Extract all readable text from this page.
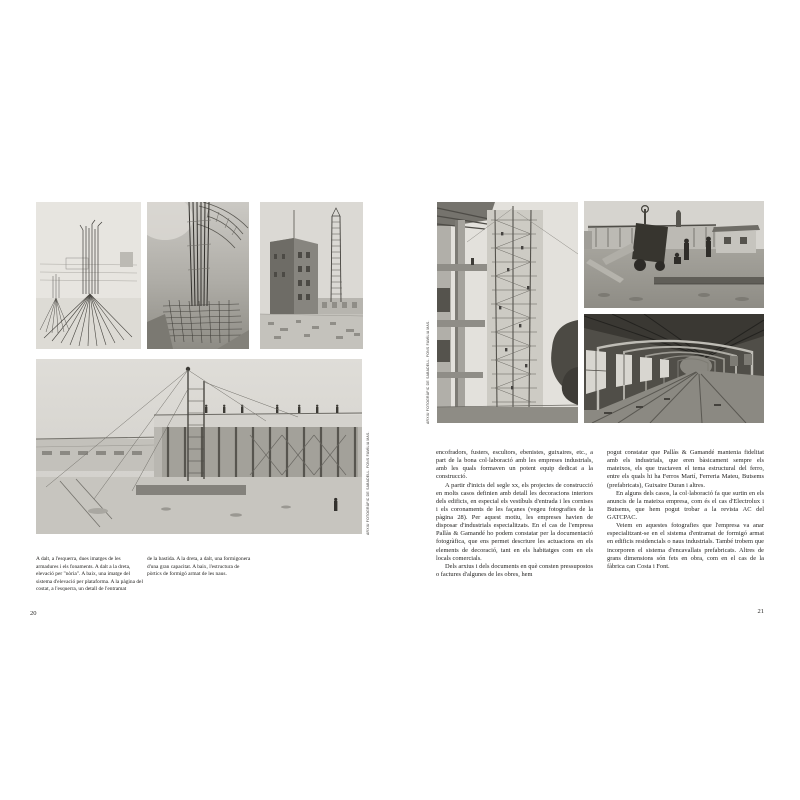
ARXIU FOTOGRÀFIC DE SABADELL. FONS FAMÍLIA MAS.

A dalt, a l'esquerra, dues imatges de les armadures i els fonaments. A dalt a la dreta, elevació per "nòria". A baix, una imatge del sistema d'elevació per plataforma. A la pàgina del costat, a l'esquerra, un detall de l'entramat

de la bastida. A la dreta, a dalt, una formigonera d'una gran capacitat. A baix, l'estructura de pòrtics de formigó armat de les naus.

20
ARXIU FOTOGRÀFIC DE SABADELL. FONS FAMÍLIA MAS.

encofradors, fusters, escultors, ebenistes, guixaires, etc., a part de la bona col·laboració amb les empreses industrials, amb les quals formaven un potent equip dedicat a la construcció.

A partir d'inicis del segle xx, els projectes de construcció en molts casos definien amb detall les decoracions interiors dels edificis, en especial els vestíbuls d'entrada i les cornises i els coronaments de les façanes (vegeu fotografies de la pàgina 28). Per aquest motiu, les empreses havien de disposar d'industrials especialitzats. En el cas de l'empresa Pallàs & Gamandé ho podem constatar per la documentació fotogràfica, que ens permet descriure les actuacions en els elements de decoració, tant en els habitatges com en els locals comercials.

Dels arxius i dels documents en què consten pressupostos o factures d'algunes de les obres, hem

pogut constatar que Pallàs & Gamandé mantenia fidelitat amb els industrials, que eren bàsicament sempre els mateixos, els que tractaven el tema estructural del ferro, entre els quals hi ha Ferros Martí, Ferreria Mateu, Butsems (prefabricats), Guixaire Duran i altres.

En alguns dels casos, la col·laboració fa que surtin en els anuncis de la mateixa empresa, com és el cas d'Electrolux i Butsems, que hem pogut trobar a la revista AC del GATCPAC.

Veiem en aquestes fotografies que l'empresa va anar especialitzant-se en el sistema d'entramat de formigó armat en edificis residencials o naus industrials. També trobem que incorporen el sistema d'encavallats prefabricats. Altres de grans dimensions són fets en obra, com en el cas de la fàbrica can Costa i Font.

21
